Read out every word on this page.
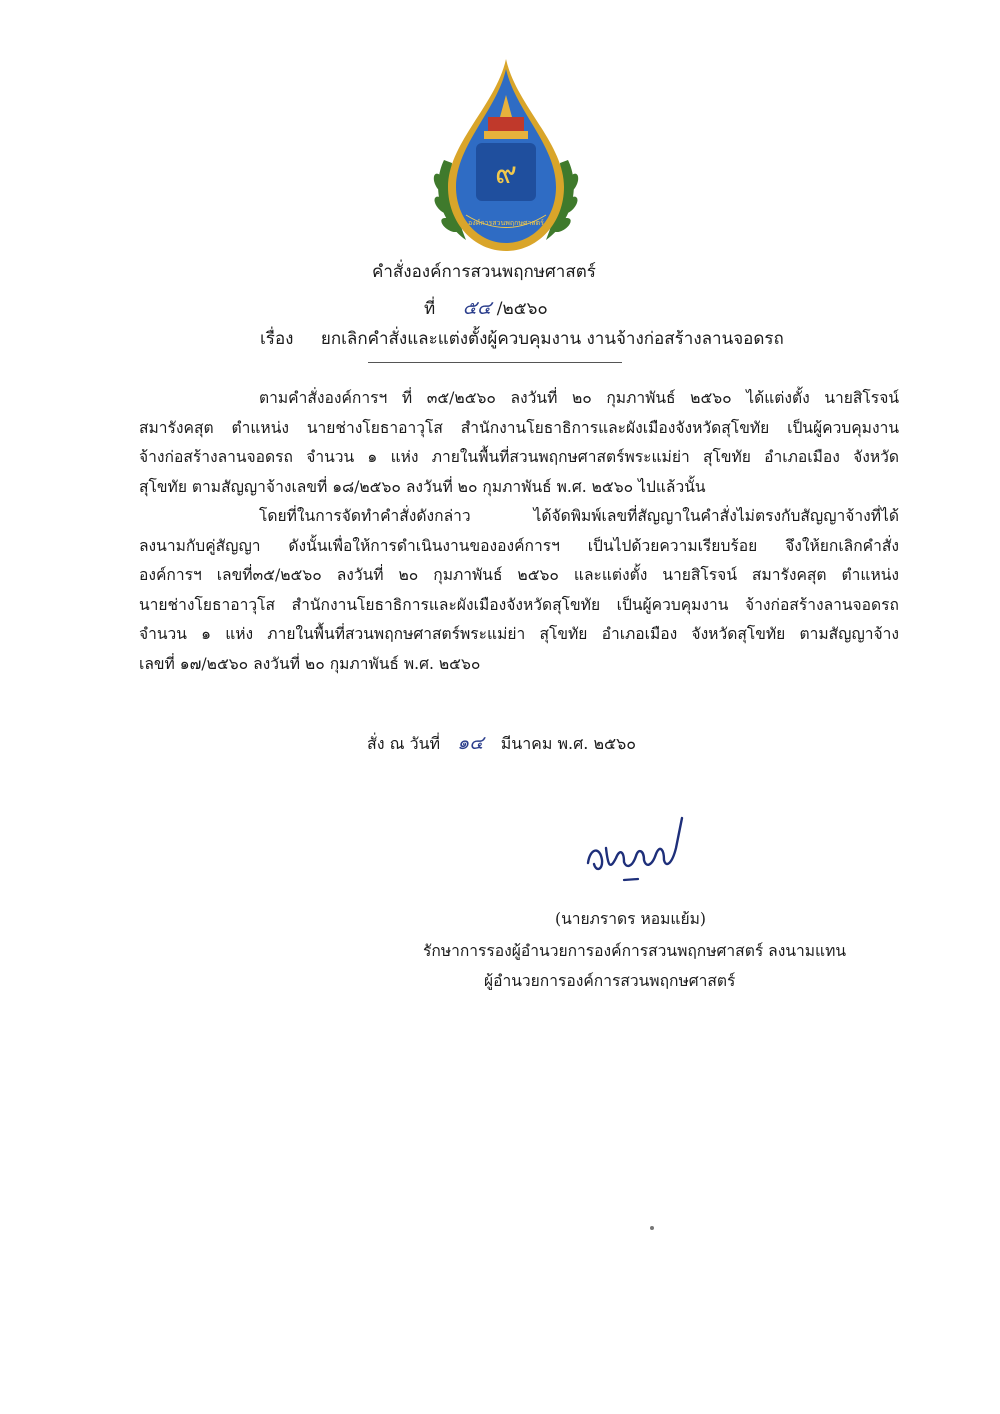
๙
องค์การสวนพฤกษศาสตร์
คำสั่งองค์การสวนพฤกษศาสตร์
ที่ ๕๔ /๒๕๖๐
เรื่อง ยกเลิกคำสั่งและแต่งตั้งผู้ควบคุมงาน งานจ้างก่อสร้างลานจอดรถ

ตามคำสั่งองค์การฯ ที่ ๓๕/๒๕๖๐ ลงวันที่ ๒๐ กุมภาพันธ์ ๒๕๖๐ ได้แต่งตั้ง นายสิโรจน์

สมารังคสุต ตำแหน่ง นายช่างโยธาอาวุโส สำนักงานโยธาธิการและผังเมืองจังหวัดสุโขทัย เป็นผู้ควบคุมงาน

จ้างก่อสร้างลานจอดรถ จำนวน ๑ แห่ง ภายในพื้นที่สวนพฤกษศาสตร์พระแม่ย่า สุโขทัย อำเภอเมือง จังหวัด

สุโขทัย ตามสัญญาจ้างเลขที่ ๑๘/๒๕๖๐ ลงวันที่ ๒๐ กุมภาพันธ์ พ.ศ. ๒๕๖๐ ไปแล้วนั้น

โดยที่ในการจัดทำคำสั่งดังกล่าว ได้จัดพิมพ์เลขที่สัญญาในคำสั่งไม่ตรงกับสัญญาจ้างที่ได้

ลงนามกับคู่สัญญา ดังนั้นเพื่อให้การดำเนินงานขององค์การฯ เป็นไปด้วยความเรียบร้อย จึงให้ยกเลิกคำสั่ง

องค์การฯ เลขที่๓๕/๒๕๖๐ ลงวันที่ ๒๐ กุมภาพันธ์ ๒๕๖๐ และแต่งตั้ง นายสิโรจน์ สมารังคสุต ตำแหน่ง

นายช่างโยธาอาวุโส สำนักงานโยธาธิการและผังเมืองจังหวัดสุโขทัย เป็นผู้ควบคุมงาน จ้างก่อสร้างลานจอดรถ

จำนวน ๑ แห่ง ภายในพื้นที่สวนพฤกษศาสตร์พระแม่ย่า สุโขทัย อำเภอเมือง จังหวัดสุโขทัย ตามสัญญาจ้าง

เลขที่ ๑๗/๒๕๖๐ ลงวันที่ ๒๐ กุมภาพันธ์ พ.ศ. ๒๕๖๐

สั่ง ณ วันที่ ๑๔ มีนาคม พ.ศ. ๒๕๖๐
(นายภราดร หอมแย้ม)
รักษาการรองผู้อำนวยการองค์การสวนพฤกษศาสตร์ ลงนามแทน
ผู้อำนวยการองค์การสวนพฤกษศาสตร์
